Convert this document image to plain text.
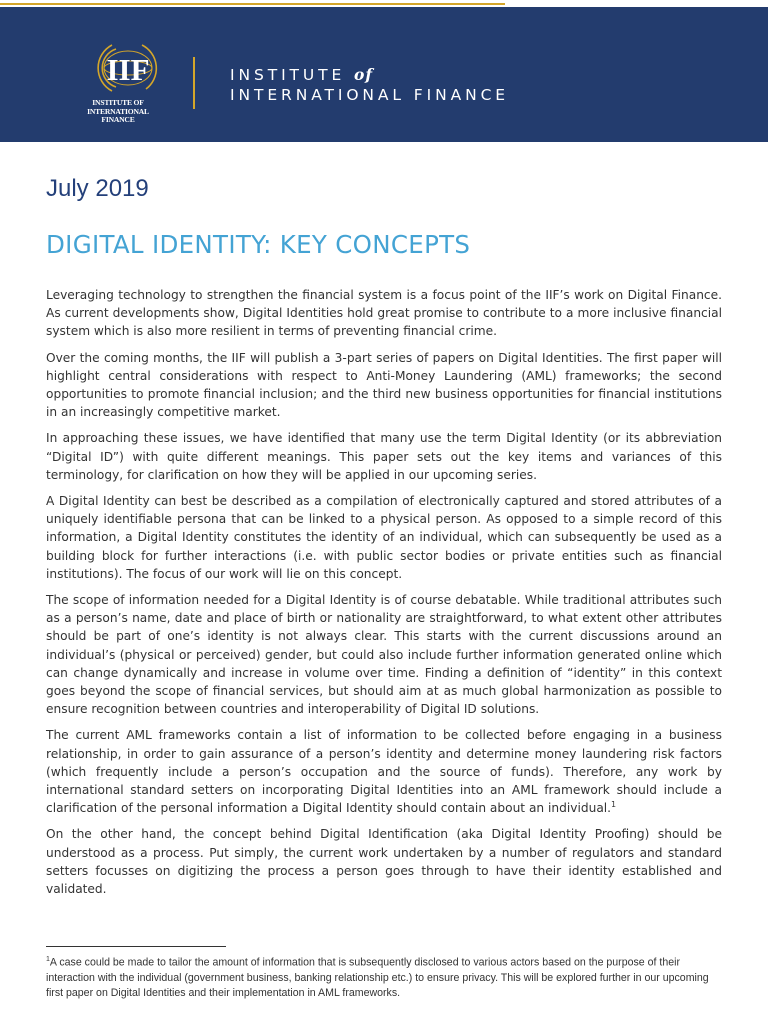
IIF
INSTITUTE OF
INTERNATIONAL
FINANCE
INSTITUTE of
INTERNATIONAL FINANCE
July 2019
DIGITAL IDENTITY: KEY CONCEPTS

Leveraging technology to strengthen the financial system is a focus point of the IIF’s work on Digital Finance. As current developments show, Digital Identities hold great promise to contribute to a more inclusive financial system which is also more resilient in terms of preventing financial crime.

Over the coming months, the IIF will publish a 3-part series of papers on Digital Identities. The first paper will highlight central considerations with respect to Anti-Money Laundering (AML) frameworks; the second opportunities to promote financial inclusion; and the third new business opportunities for financial institutions in an increasingly competitive market.

In approaching these issues, we have identified that many use the term Digital Identity (or its abbreviation “Digital ID”) with quite different meanings. This paper sets out the key items and variances of this terminology, for clarification on how they will be applied in our upcoming series.

A Digital Identity can best be described as a compilation of electronically captured and stored attributes of a uniquely identifiable persona that can be linked to a physical person. As opposed to a simple record of this information, a Digital Identity constitutes the identity of an individual, which can subsequently be used as a building block for further interactions (i.e. with public sector bodies or private entities such as financial institutions). The focus of our work will lie on this concept.

The scope of information needed for a Digital Identity is of course debatable. While traditional attributes such as a person’s name, date and place of birth or nationality are straightforward, to what extent other attributes should be part of one’s identity is not always clear. This starts with the current discussions around an individual’s (physical or perceived) gender, but could also include further information generated online which can change dynamically and increase in volume over time. Finding a definition of “identity” in this context goes beyond the scope of financial services, but should aim at as much global harmonization as possible to ensure recognition between countries and interoperability of Digital ID solutions.

The current AML frameworks contain a list of information to be collected before engaging in a business relationship, in order to gain assurance of a person’s identity and determine money laundering risk factors (which frequently include a person’s occupation and the source of funds). Therefore, any work by international standard setters on incorporating Digital Identities into an AML framework should include a clarification of the personal information a Digital Identity should contain about an individual.$^1$

On the other hand, the concept behind Digital Identification (aka Digital Identity Proofing) should be understood as a process. Put simply, the current work undertaken by a number of regulators and standard setters focusses on digitizing the process a person goes through to have their identity established and validated.

$^1$A case could be made to tailor the amount of information that is subsequently disclosed to various actors based on the purpose of their interaction with the individual (government business, banking relationship etc.) to ensure privacy. This will be explored further in our upcoming first paper on Digital Identities and their implementation in AML frameworks.
